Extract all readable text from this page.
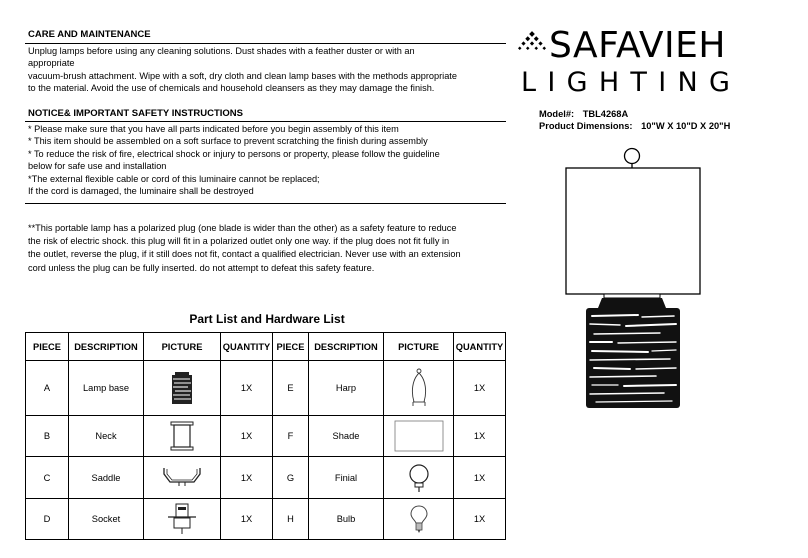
CARE AND MAINTENANCE
Unplug lamps before using any cleaning solutions. Dust shades with a feather duster or with an
appropriate
vacuum-brush attachment. Wipe with a soft, dry cloth and clean lamp bases with the methods appropriate
to the material. Avoid the use of chemicals and household cleansers as they may damage the finish.
NOTICE& IMPORTANT SAFETY INSTRUCTIONS
* Please make sure that you have all parts indicated before you begin assembly of this item
* This item should be assembled on a soft surface to prevent scratching the finish during assembly
* To reduce the risk of fire, electrical shock or injury to persons or property, please follow the guideline
below for safe use and installation
*The external flexible cable or cord of this luminaire cannot be replaced;
If the cord is damaged, the luminaire shall be destroyed
**This portable lamp has a polarized plug (one blade is wider than the other) as a safety feature to reduce
the risk of electric shock. this plug will fit in a polarized outlet only one way. if the plug does not fit fully in
the outlet, reverse the plug, if it still does not fit, contact a qualified electrician. Never use with an extension
cord unless the plug can be fully inserted. do not attempt to defeat this safety feature.
SAFAVIEH
LIGHTING
Model#: TBL4268A
Product Dimensions: 10"W X 10"D X 20"H
Part List and Hardware List
PIECE	DESCRIPTION	PICTURE	QUANTITY	PIECE	DESCRIPTION	PICTURE	QUANTITY
A	Lamp base		1X	E	Harp		1X
B	Neck		1X	F	Shade		1X
C	Saddle		1X	G	Finial		1X
D	Socket		1X	H	Bulb		1X
